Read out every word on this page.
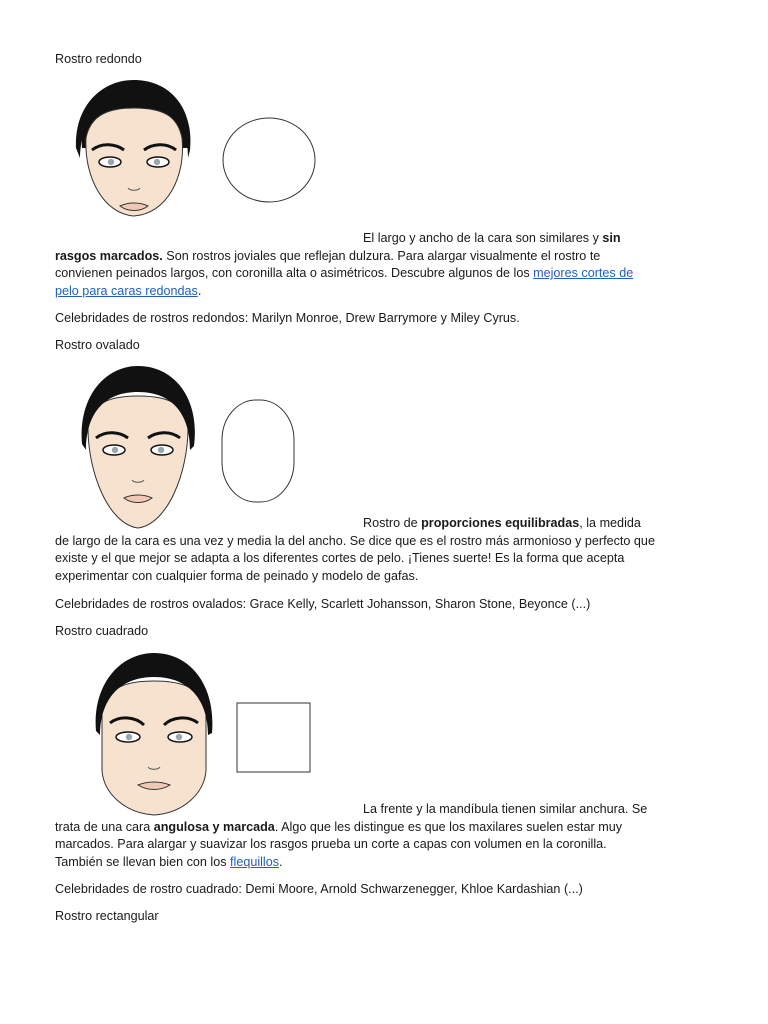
Rostro redondo

El largo y ancho de la cara son similares y sin rasgos marcados. Son rostros joviales que reflejan dulzura. Para alargar visualmente el rostro te convienen peinados largos, con coronilla alta o asimétricos. Descubre algunos de los mejores cortes de pelo para caras redondas.

Celebridades de rostros redondos: Marilyn Monroe, Drew Barrymore y Miley Cyrus.

Rostro ovalado

Rostro de proporciones equilibradas, la medida de largo de la cara es una vez y media la del ancho. Se dice que es el rostro más armonioso y perfecto que existe y el que mejor se adapta a los diferentes cortes de pelo. ¡Tienes suerte! Es la forma que acepta experimentar con cualquier forma de peinado y modelo de gafas.

Celebridades de rostros ovalados: Grace Kelly, Scarlett Johansson, Sharon Stone, Beyonce (...)

Rostro cuadrado

La frente y la mandíbula tienen similar anchura. Se trata de una cara angulosa y marcada. Algo que les distingue es que los maxilares suelen estar muy marcados. Para alargar y suavizar los rasgos prueba un corte a capas con volumen en la coronilla. También se llevan bien con los flequillos.

Celebridades de rostro cuadrado: Demi Moore, Arnold Schwarzenegger, Khloe Kardashian (...)

Rostro rectangular
